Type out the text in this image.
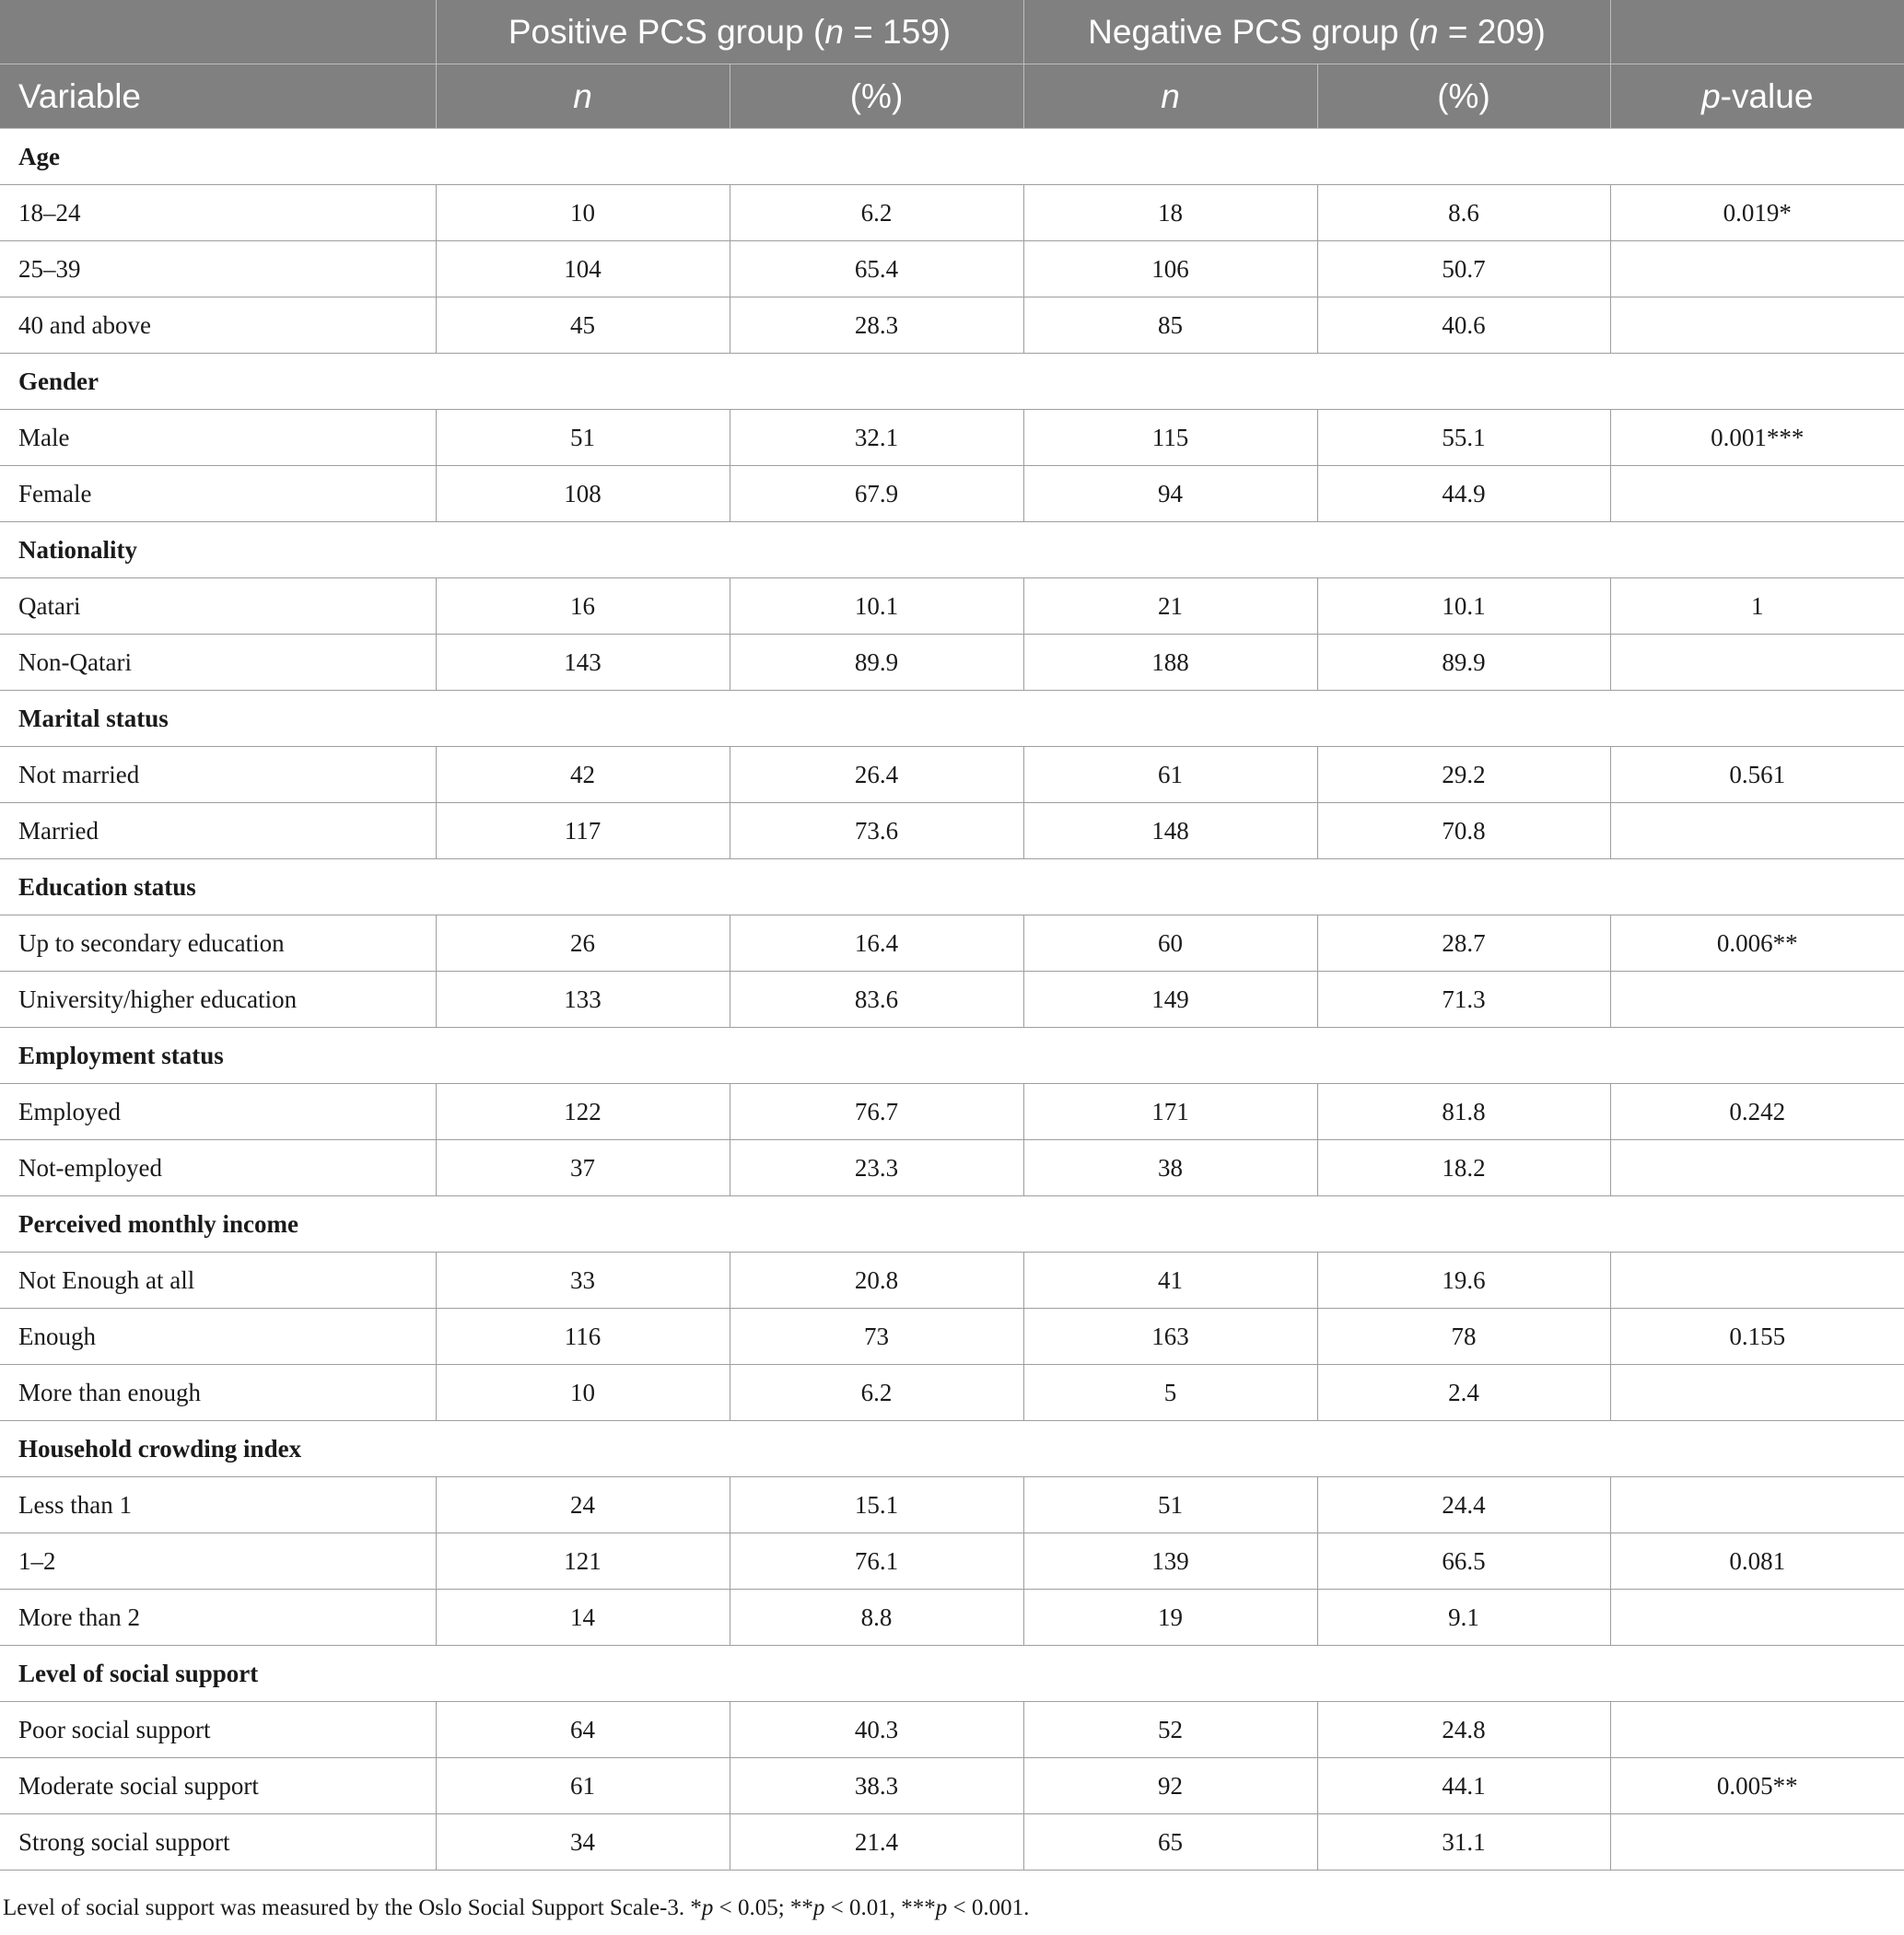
	Positive PCS group (n = 159)		Negative PCS group (n = 209)		
Variable	n	(%)	n	(%)	p-value
Age					
18–24	10	6.2	18	8.6	0.019*
25–39	104	65.4	106	50.7	
40 and above	45	28.3	85	40.6	
Gender					
Male	51	32.1	115	55.1	0.001***
Female	108	67.9	94	44.9	
Nationality					
Qatari	16	10.1	21	10.1	1
Non-Qatari	143	89.9	188	89.9	
Marital status					
Not married	42	26.4	61	29.2	0.561
Married	117	73.6	148	70.8	
Education status					
Up to secondary education	26	16.4	60	28.7	0.006**
University/higher education	133	83.6	149	71.3	
Employment status					
Employed	122	76.7	171	81.8	0.242
Not-employed	37	23.3	38	18.2	
Perceived monthly income					
Not Enough at all	33	20.8	41	19.6	
Enough	116	73	163	78	0.155
More than enough	10	6.2	5	2.4	
Household crowding index					
Less than 1	24	15.1	51	24.4	
1–2	121	76.1	139	66.5	0.081
More than 2	14	8.8	19	9.1	
Level of social support					
Poor social support	64	40.3	52	24.8	
Moderate social support	61	38.3	92	44.1	0.005**
Strong social support	34	21.4	65	31.1	
Level of social support was measured by the Oslo Social Support Scale-3. *p < 0.05; **p < 0.01, ***p < 0.001.
